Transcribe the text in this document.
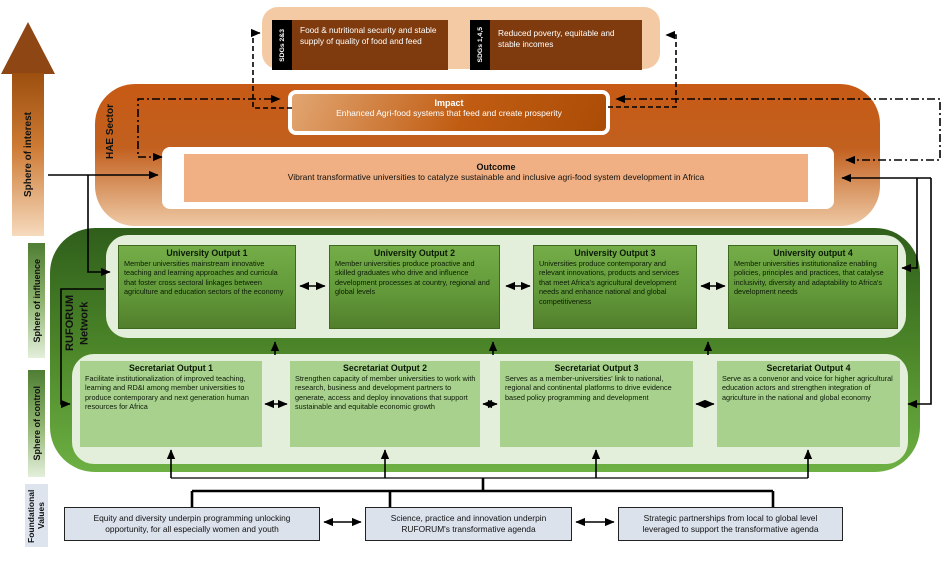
Sphere of interest
Sphere of influence
Sphere of control
Foundational Values
HAE Sector
SDGs 2&3	Food & nutritional security and stable supply of quality of food and feed	SDGs 1,4,5	Reduced poverty, equitable and stable incomes
Impact
Enhanced Agri-food systems that feed and create prosperity
Outcome
Vibrant transformative universities to catalyze sustainable and inclusive agri-food system development in Africa
RUFORUM Network
University Output 1
Member universities mainstream innovative teaching and learning approaches and curricula that foster cross sectoral linkages between agriculture and education sectors of the economy
University Output 2
Member universities produce proactive and skilled graduates who drive and influence development processes at country, regional and global levels
University Output 3
Universities produce contemporary and relevant innovations, products and services that meet Africa's agricultural development needs and enhance national and global competitiveness
University output 4
Member universities institutionalize enabling policies, principles and practices, that catalyse inclusivity, diversity and adaptability to Africa's development needs
Secretariat Output 1
Facilitate institutionalization of improved teaching, learning and RD&I among member universities to produce contemporary and next generation human resources for Africa
Secretariat Output 2
Strengthen capacity of member universities to work with research, business and development partners to generate, access and deploy innovations that support sustainable and equitable economic growth
Secretariat Output 3
Serves as a member-universities' link to national, regional and continental platforms to drive evidence based policy programming and development
Secretariat Output 4
Serve as a convenor and voice for higher agricultural education actors and strengthen integration of agriculture in the national and global economy
Equity and diversity underpin programming unlocking opportunity, for all especially women and youth
Science, practice and innovation underpin RUFORUM's transformative agenda
Strategic partnerships from local to global level leveraged to support the transformative agenda
